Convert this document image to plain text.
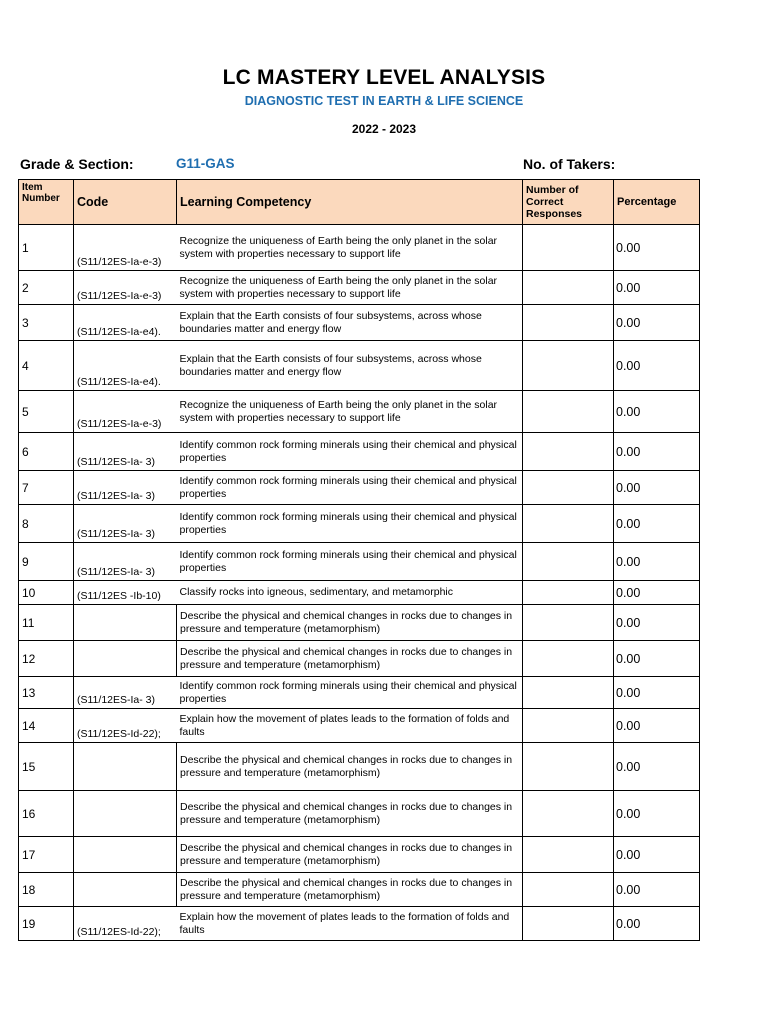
LC MASTERY LEVEL ANALYSIS
DIAGNOSTIC TEST IN EARTH & LIFE SCIENCE
2022 - 2023
Grade & Section:	G11-GAS	No. of Takers:
Item Number	Code	Learning Competency	Number of Correct Responses	Percentage
1	(S11/12ES-Ia-e-3)	Recognize the uniqueness of Earth being the only planet in the solar system with properties necessary to support life		0.00
2	(S11/12ES-Ia-e-3)	Recognize the uniqueness of Earth being the only planet in the solar system with properties necessary to support life		0.00
3	(S11/12ES-Ia-e4).	Explain that the Earth consists of four subsystems, across whose boundaries matter and energy flow		0.00
4	(S11/12ES-Ia-e4).	Explain that the Earth consists of four subsystems, across whose boundaries matter and energy flow		0.00
5	(S11/12ES-Ia-e-3)	Recognize the uniqueness of Earth being the only planet in the solar system with properties necessary to support life		0.00
6	(S11/12ES-Ia- 3)	Identify common rock forming minerals using their chemical and physical properties		0.00
7	(S11/12ES-Ia- 3)	Identify common rock forming minerals using their chemical and physical properties		0.00
8	(S11/12ES-Ia- 3)	Identify common rock forming minerals using their chemical and physical properties		0.00
9	(S11/12ES-Ia- 3)	Identify common rock forming minerals using their chemical and physical properties		0.00
10	(S11/12ES -Ib-10)	Classify rocks into igneous, sedimentary, and metamorphic		0.00
11		Describe the physical and chemical changes in rocks due to changes in pressure and temperature (metamorphism)		0.00
12		Describe the physical and chemical changes in rocks due to changes in pressure and temperature (metamorphism)		0.00
13	(S11/12ES-Ia- 3)	Identify common rock forming minerals using their chemical and physical properties		0.00
14	(S11/12ES-Id-22);	Explain how the movement of plates leads to the formation of folds and faults		0.00
15		Describe the physical and chemical changes in rocks due to changes in pressure and temperature (metamorphism)		0.00
16		Describe the physical and chemical changes in rocks due to changes in pressure and temperature (metamorphism)		0.00
17		Describe the physical and chemical changes in rocks due to changes in pressure and temperature (metamorphism)		0.00
18		Describe the physical and chemical changes in rocks due to changes in pressure and temperature (metamorphism)		0.00
19	(S11/12ES-Id-22);	Explain how the movement of plates leads to the formation of folds and faults		0.00
